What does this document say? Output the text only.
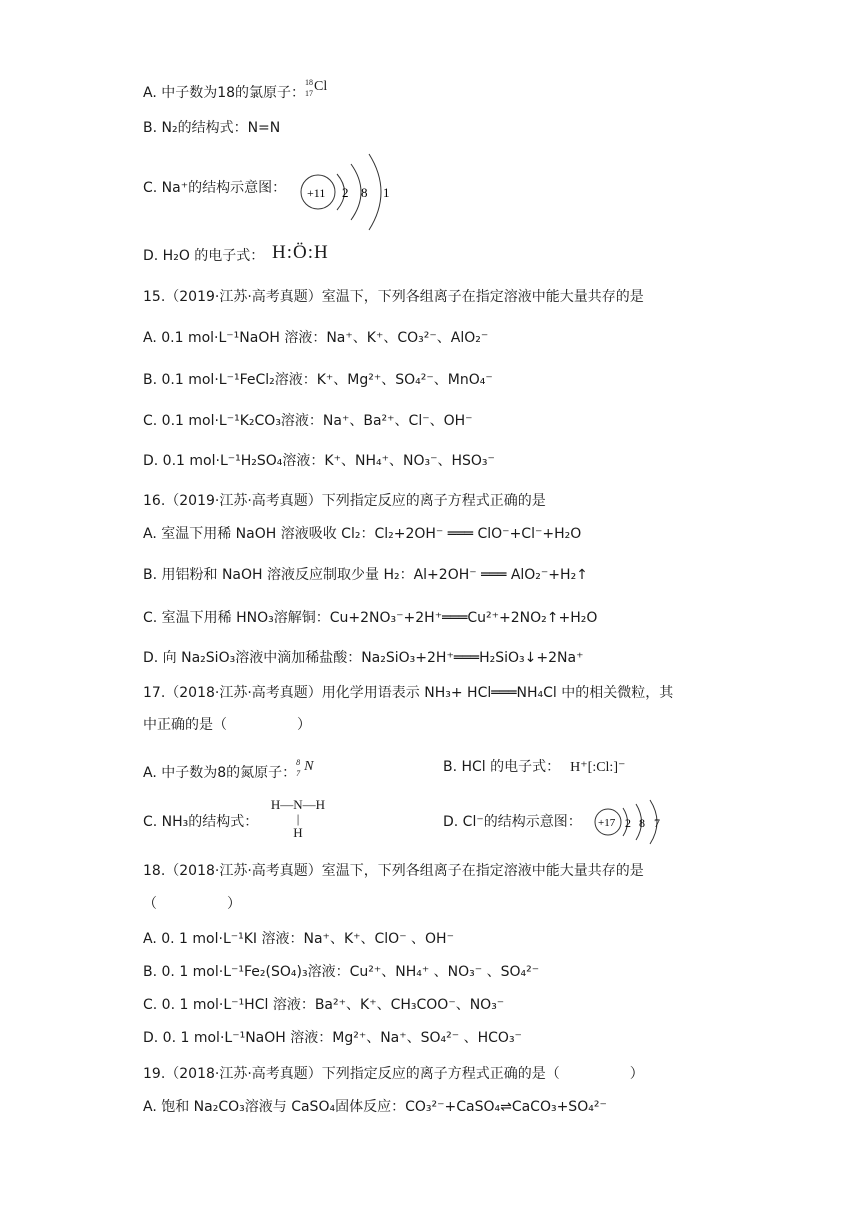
A. 中子数为18的氯原子：
18
17 Cl
B. N₂的结构式：N=N
C. Na⁺的结构示意图： +11 2 8 1
D. H₂O 的电子式： H:Ö:H
15.（2019·江苏·高考真题）室温下，下列各组离子在指定溶液中能大量共存的是
A. 0.1 mol·L⁻¹NaOH 溶液：Na⁺、K⁺、CO₃²⁻、AlO₂⁻
B. 0.1 mol·L⁻¹FeCl₂溶液：K⁺、Mg²⁺、SO₄²⁻、MnO₄⁻
C. 0.1 mol·L⁻¹K₂CO₃溶液：Na⁺、Ba²⁺、Cl⁻、OH⁻
D. 0.1 mol·L⁻¹H₂SO₄溶液：K⁺、NH₄⁺、NO₃⁻、HSO₃⁻
16.（2019·江苏·高考真题）下列指定反应的离子方程式正确的是
A. 室温下用稀 NaOH 溶液吸收 Cl₂：Cl₂+2OH⁻ ═══ ClO⁻+Cl⁻+H₂O
B. 用铝粉和 NaOH 溶液反应制取少量 H₂：Al+2OH⁻ ═══ AlO₂⁻+H₂↑
C. 室温下用稀 HNO₃溶解铜：Cu+2NO₃⁻+2H⁺═══Cu²⁺+2NO₂↑+H₂O
D. 向 Na₂SiO₃溶液中滴加稀盐酸：Na₂SiO₃+2H⁺═══H₂SiO₃↓+2Na⁺
17.（2018·江苏·高考真题）用化学用语表示 NH₃+ HCl═══NH₄Cl 中的相关微粒，其
中正确的是（　　　　　）
A. 中子数为8的氮原子：
8
7 N	B. HCl 的电子式： H⁺[:Cl:]⁻
C. NH₃的结构式：
H—N—H
|
H
D. Cl⁻的结构示意图： +17 2 8 7
18.（2018·江苏·高考真题）室温下，下列各组离子在指定溶液中能大量共存的是
（　　　　　）
A. 0. 1 mol·L⁻¹KI 溶液：Na⁺、K⁺、ClO⁻ 、OH⁻
B. 0. 1 mol·L⁻¹Fe₂(SO₄)₃溶液：Cu²⁺、NH₄⁺ 、NO₃⁻ 、SO₄²⁻
C. 0. 1 mol·L⁻¹HCl 溶液：Ba²⁺、K⁺、CH₃COO⁻、NO₃⁻
D. 0. 1 mol·L⁻¹NaOH 溶液：Mg²⁺、Na⁺、SO₄²⁻ 、HCO₃⁻
19.（2018·江苏·高考真题）下列指定反应的离子方程式正确的是（　　　　　）
A. 饱和 Na₂CO₃溶液与 CaSO₄固体反应：CO₃²⁻+CaSO₄⇌CaCO₃+SO₄²⁻
